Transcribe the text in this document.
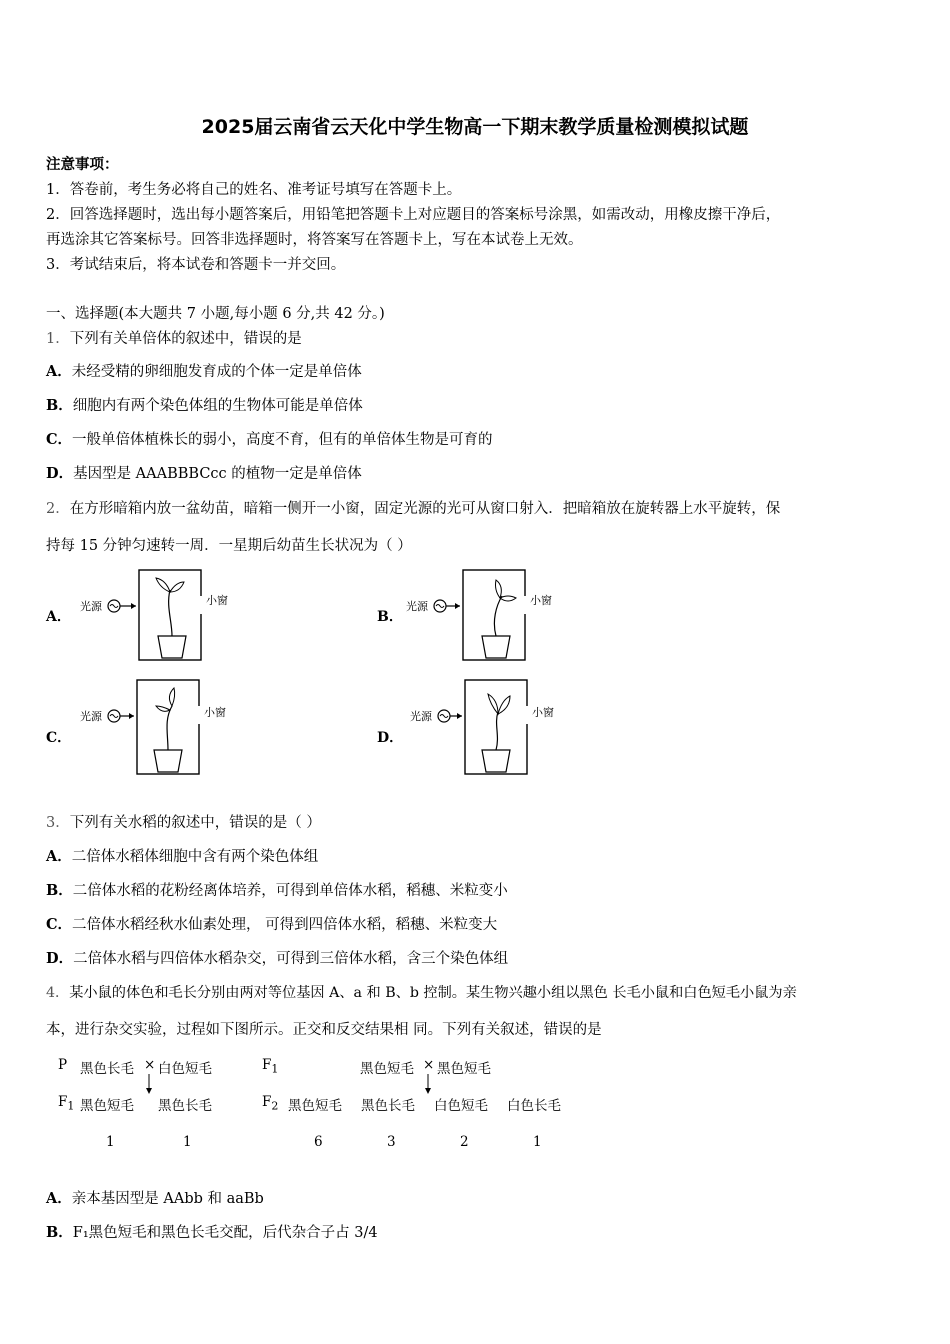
2025届云南省云天化中学生物高一下期末教学质量检测模拟试题
注意事项：
1．答卷前，考生务必将自己的姓名、准考证号填写在答题卡上。
2．回答选择题时，选出每小题答案后，用铅笔把答题卡上对应题目的答案标号涂黑，如需改动，用橡皮擦干净后，
再选涂其它答案标号。回答非选择题时，将答案写在答题卡上，写在本试卷上无效。
3．考试结束后，将本试卷和答题卡一并交回。
一、选择题(本大题共 7 小题,每小题 6 分,共 42 分。)
1．下列有关单倍体的叙述中，错误的是
A．未经受精的卵细胞发育成的个体一定是单倍体
B．细胞内有两个染色体组的生物体可能是单倍体
C．一般单倍体植株长的弱小，高度不育，但有的单倍体生物是可育的
D．基因型是 AAABBBCcc 的植物一定是单倍体
2．在方形暗箱内放一盆幼苗，暗箱一侧开一小窗，固定光源的光可从窗口射入．把暗箱放在旋转器上水平旋转，保
持每 15 分钟匀速转一周．一星期后幼苗生长状况为（ ）
A．	B．
C．	D．
光源	小窗	光源	小窗
光源	小窗	光源	小窗
3．下列有关水稻的叙述中，错误的是（ ）
A．二倍体水稻体细胞中含有两个染色体组
B．二倍体水稻的花粉经离体培养，可得到单倍体水稻，稻穗、米粒变小
C．二倍体水稻经秋水仙素处理， 可得到四倍体水稻，稻穗、米粒变大
D．二倍体水稻与四倍体水稻杂交，可得到三倍体水稻，含三个染色体组
4．某小鼠的体色和毛长分别由两对等位基因 A、a 和 B、b 控制。某生物兴趣小组以黑色 长毛小鼠和白色短毛小鼠为亲
本，进行杂交实验，过程如下图所示。正交和反交结果相 同。下列有关叙述，错误的是
P 黑色长毛 × 白色短毛
$F_1$ 黑色短毛 黑色长毛
1	1
$F_1$	黑色短毛 × 黑色短毛
$F_2$ 黑色短毛 黑色长毛 白色短毛 白色长毛
6	3	2	1
A．亲本基因型是 AAbb 和 aaBb
B．F₁黑色短毛和黑色长毛交配，后代杂合子占 3/4
